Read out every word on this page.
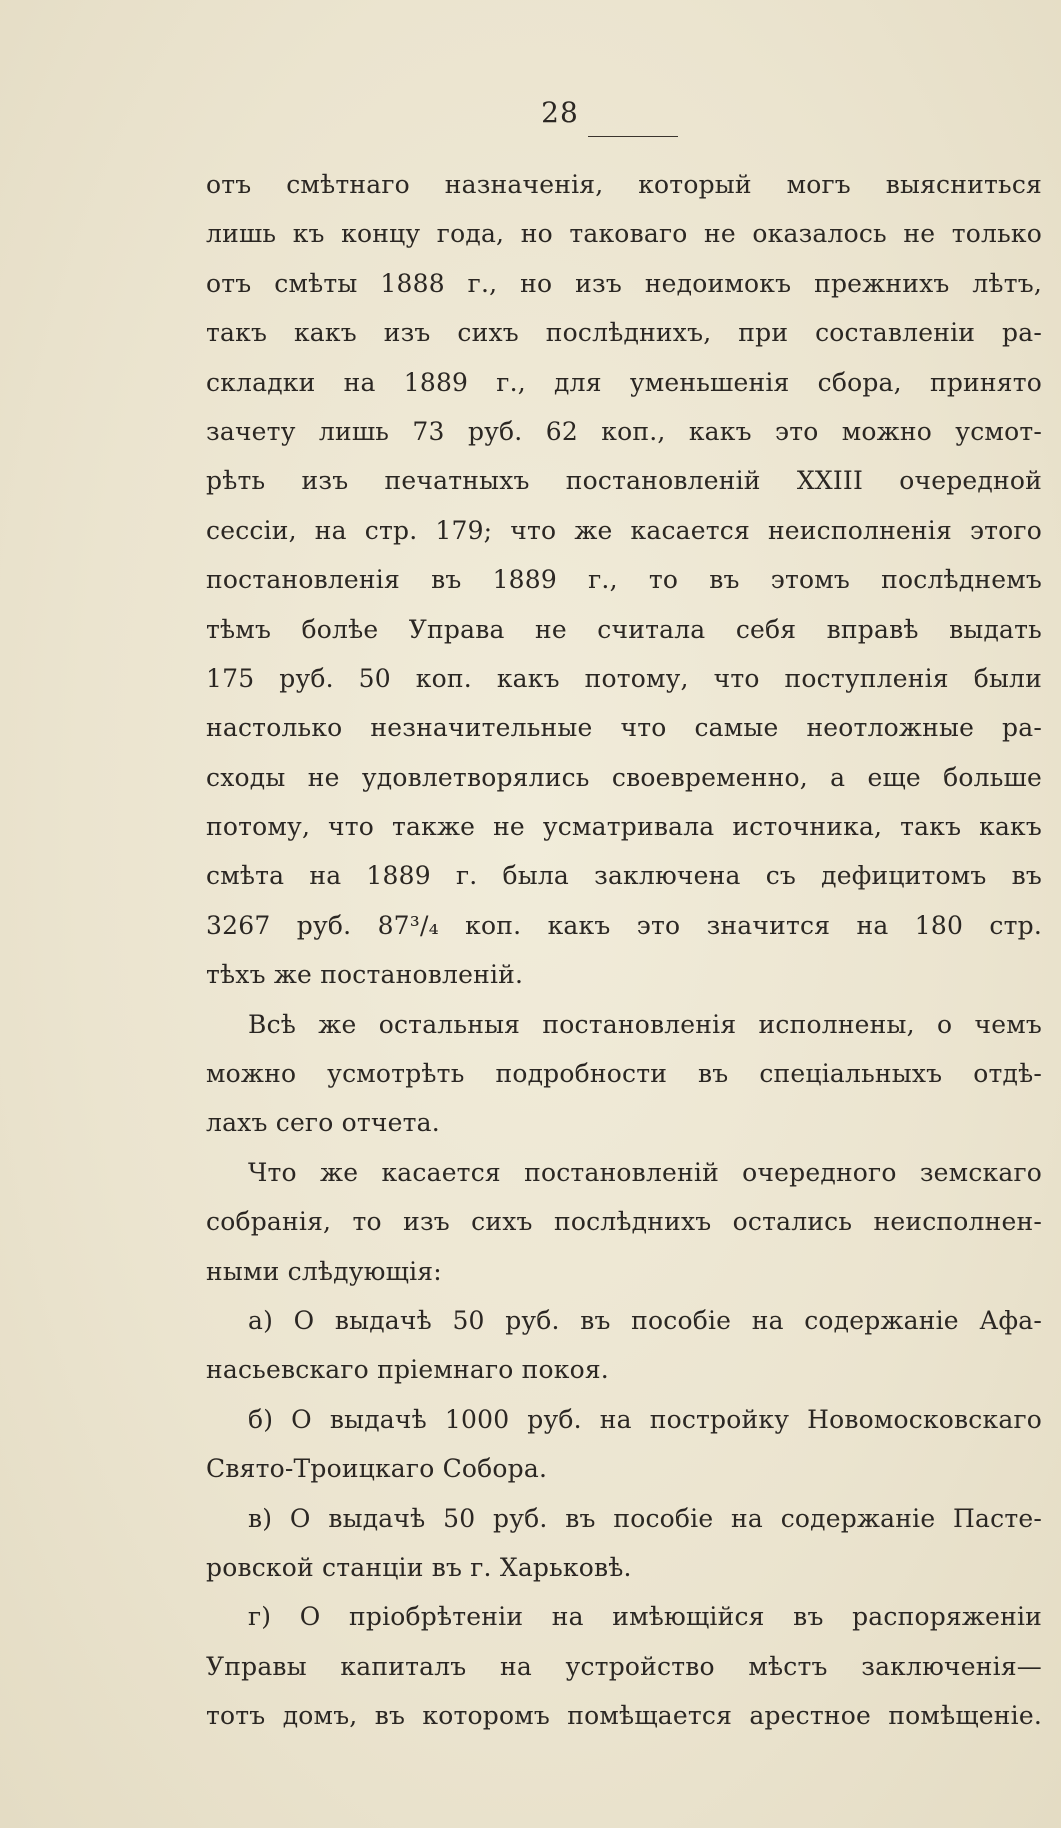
28
отъ смѣтнаго назначенія, который могъ выясниться
лишь къ концу года, но таковаго не оказалось не только
отъ смѣты 1888 г., но изъ недоимокъ прежнихъ лѣтъ,
такъ какъ изъ сихъ послѣднихъ, при составленіи ра-
складки на 1889 г., для уменьшенія сбора, принято
зачету лишь 73 руб. 62 коп., какъ это можно усмот-
рѣть изъ печатныхъ постановленій XXIII очередной
сессіи, на стр. 179; что же касается неисполненія этого
постановленія въ 1889 г., то въ этомъ послѣднемъ
тѣмъ болѣе Управа не считала себя вправѣ выдать
175 руб. 50 коп. какъ потому, что поступленія были
настолько незначительные что самые неотложные ра-
сходы не удовлетворялись своевременно, а еще больше
потому, что также не усматривала источника, такъ какъ
смѣта на 1889 г. была заключена съ дефицитомъ въ
3267 руб. 87³/₄ коп. какъ это значится на 180 стр.
тѣхъ же постановленій.
Всѣ же остальныя постановленія исполнены, о чемъ
можно усмотрѣть подробности въ спеціальныхъ отдѣ-
лахъ сего отчета.
Что же касается постановленій очередного земскаго
собранія, то изъ сихъ послѣднихъ остались неисполнен-
ными слѣдующія:
а) О выдачѣ 50 руб. въ пособіе на содержаніе Афа-
насьевскаго пріемнаго покоя.
б) О выдачѣ 1000 руб. на постройку Новомосковскаго
Свято-Троицкаго Собора.
в) О выдачѣ 50 руб. въ пособіе на содержаніе Пасте-
ровской станціи въ г. Харьковѣ.
г) О пріобрѣтеніи на имѣющійся въ распоряженіи
Управы капиталъ на устройство мѣстъ заключенія—
тотъ домъ, въ которомъ помѣщается арестное помѣщеніе.
